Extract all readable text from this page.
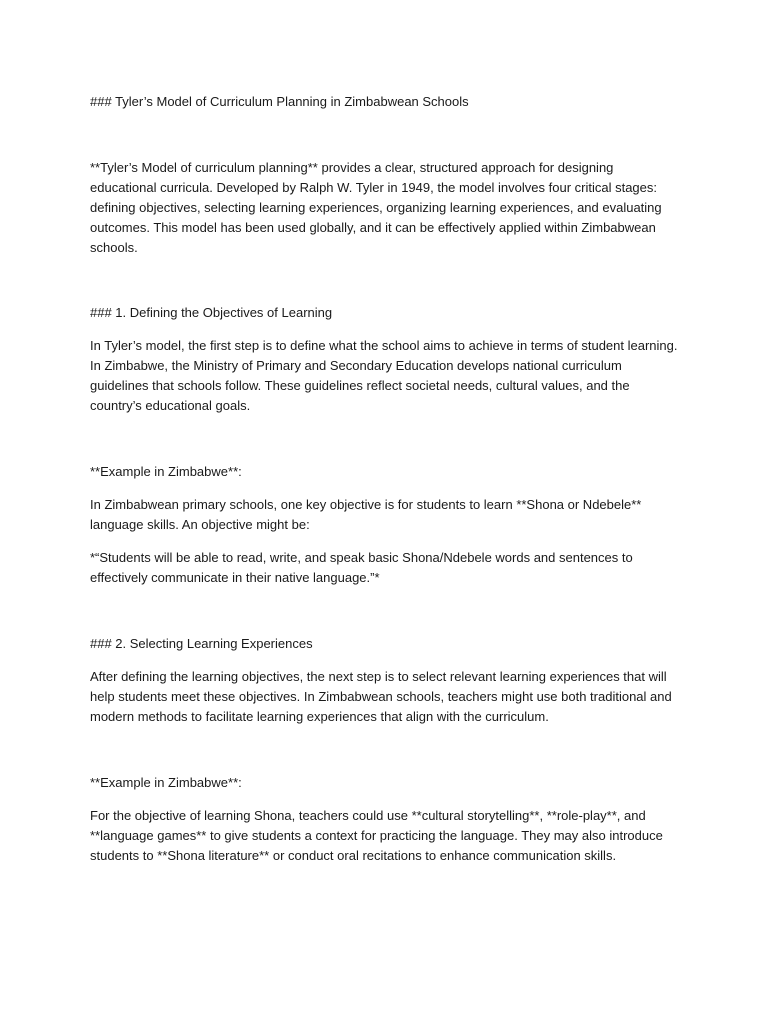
### Tyler’s Model of Curriculum Planning in Zimbabwean Schools

**Tyler’s Model of curriculum planning** provides a clear, structured approach for designing educational curricula. Developed by Ralph W. Tyler in 1949, the model involves four critical stages: defining objectives, selecting learning experiences, organizing learning experiences, and evaluating outcomes. This model has been used globally, and it can be effectively applied within Zimbabwean schools.

### 1. Defining the Objectives of Learning

In Tyler’s model, the first step is to define what the school aims to achieve in terms of student learning. In Zimbabwe, the Ministry of Primary and Secondary Education develops national curriculum guidelines that schools follow. These guidelines reflect societal needs, cultural values, and the country’s educational goals.

**Example in Zimbabwe**:

In Zimbabwean primary schools, one key objective is for students to learn **Shona or Ndebele** language skills. An objective might be:

*“Students will be able to read, write, and speak basic Shona/Ndebele words and sentences to effectively communicate in their native language.”*

### 2. Selecting Learning Experiences

After defining the learning objectives, the next step is to select relevant learning experiences that will help students meet these objectives. In Zimbabwean schools, teachers might use both traditional and modern methods to facilitate learning experiences that align with the curriculum.

**Example in Zimbabwe**:

For the objective of learning Shona, teachers could use **cultural storytelling**, **role-play**, and **language games** to give students a context for practicing the language. They may also introduce students to **Shona literature** or conduct oral recitations to enhance communication skills.
